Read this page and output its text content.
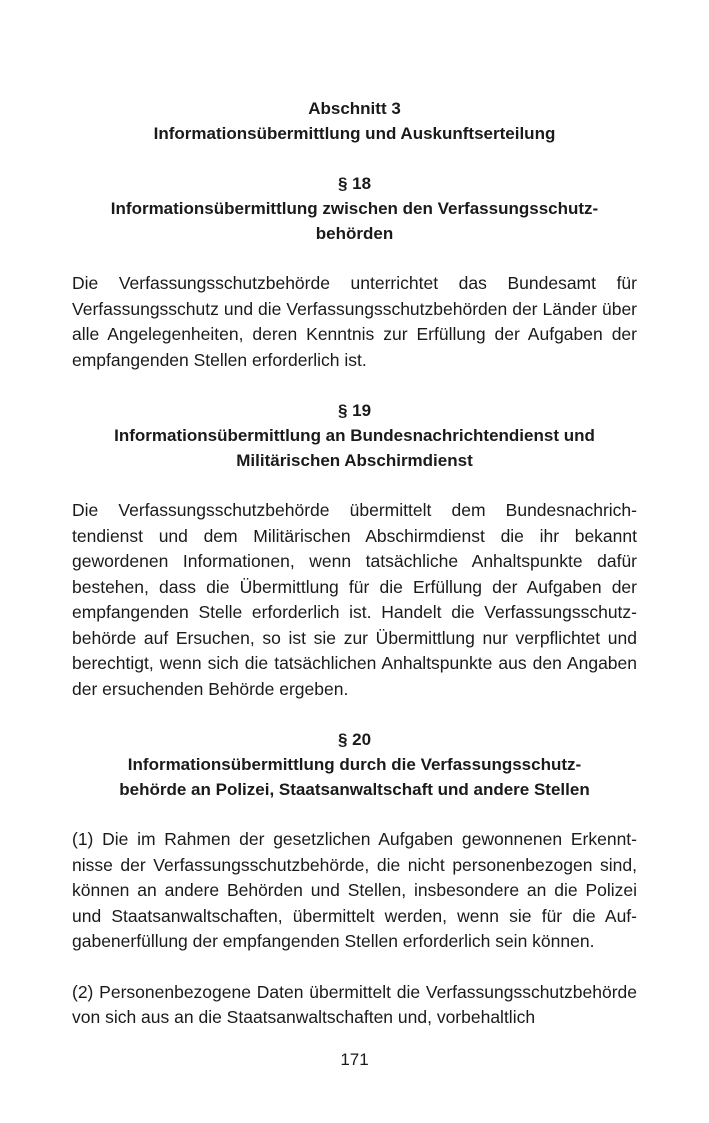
Abschnitt 3

Informationsübermittlung und Auskunftserteilung

§ 18

Informationsübermittlung zwischen den Verfassungsschutz-

behörden

Die Verfassungsschutzbehörde unterrichtet das Bundesamt für Verfassungsschutz und die Verfassungsschutzbehörden der Länder über alle Angelegenheiten, deren Kenntnis zur Erfüllung der Aufgaben der empfangenden Stellen erforderlich ist.

§ 19

Informationsübermittlung an Bundesnachrichtendienst und

Militärischen Abschirmdienst

Die Verfassungsschutzbehörde übermittelt dem Bundesnachrichtendienst und dem Militärischen Abschirmdienst die ihr bekannt gewordenen Informationen, wenn tatsächliche Anhaltspunkte dafür bestehen, dass die Übermittlung für die Erfüllung der Aufgaben der empfangenden Stelle erforderlich ist. Handelt die Verfassungsschutzbehörde auf Ersuchen, so ist sie zur Übermittlung nur verpflichtet und berechtigt, wenn sich die tatsächlichen Anhaltspunkte aus den Angaben der ersuchenden Behörde ergeben.

§ 20

Informationsübermittlung durch die Verfassungsschutz-

behörde an Polizei, Staatsanwaltschaft und andere Stellen

(1) Die im Rahmen der gesetzlichen Aufgaben gewonnenen Erkenntnisse der Verfassungsschutzbehörde, die nicht personenbezogen sind, können an andere Behörden und Stellen, insbesondere an die Polizei und Staatsanwaltschaften, übermittelt werden, wenn sie für die Aufgabenerfüllung der empfangenden Stellen erforderlich sein können.

(2) Personenbezogene Daten übermittelt die Verfassungsschutzbehörde von sich aus an die Staatsanwaltschaften und, vorbehaltlich

171
